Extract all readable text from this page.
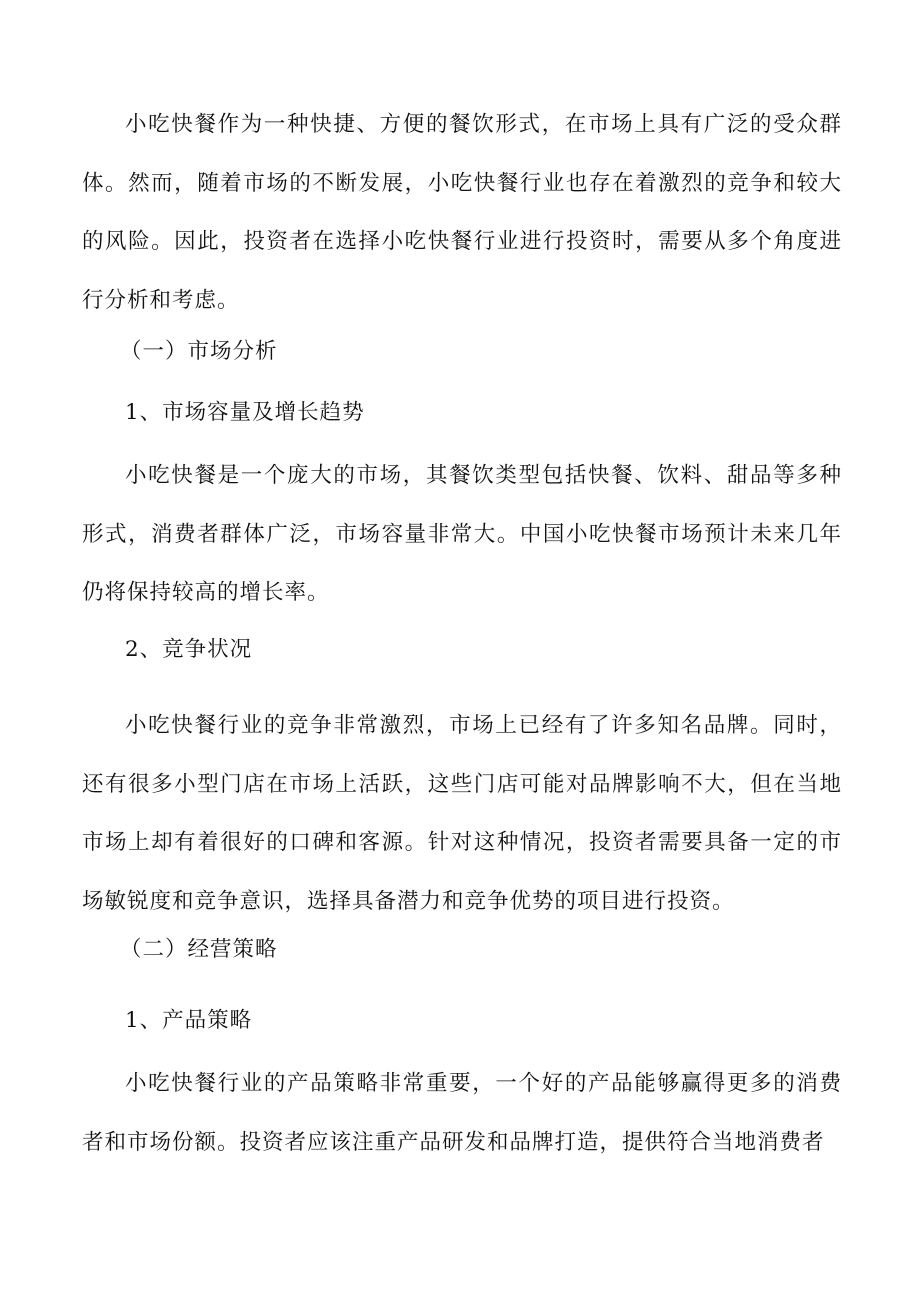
小吃快餐作为一种快捷、方便的餐饮形式，在市场上具有广泛的受众群体。然而，随着市场的不断发展，小吃快餐行业也存在着激烈的竞争和较大的风险。因此，投资者在选择小吃快餐行业进行投资时，需要从多个角度进行分析和考虑。

（一）市场分析

1、市场容量及增长趋势

小吃快餐是一个庞大的市场，其餐饮类型包括快餐、饮料、甜品等多种形式，消费者群体广泛，市场容量非常大。中国小吃快餐市场预计未来几年仍将保持较高的增长率。

2、竞争状况

小吃快餐行业的竞争非常激烈，市场上已经有了许多知名品牌。同时，还有很多小型门店在市场上活跃，这些门店可能对品牌影响不大，但在当地市场上却有着很好的口碑和客源。针对这种情况，投资者需要具备一定的市场敏锐度和竞争意识，选择具备潜力和竞争优势的项目进行投资。

（二）经营策略

1、产品策略

小吃快餐行业的产品策略非常重要，一个好的产品能够赢得更多的消费者和市场份额。投资者应该注重产品研发和品牌打造，提供符合当地消费者
